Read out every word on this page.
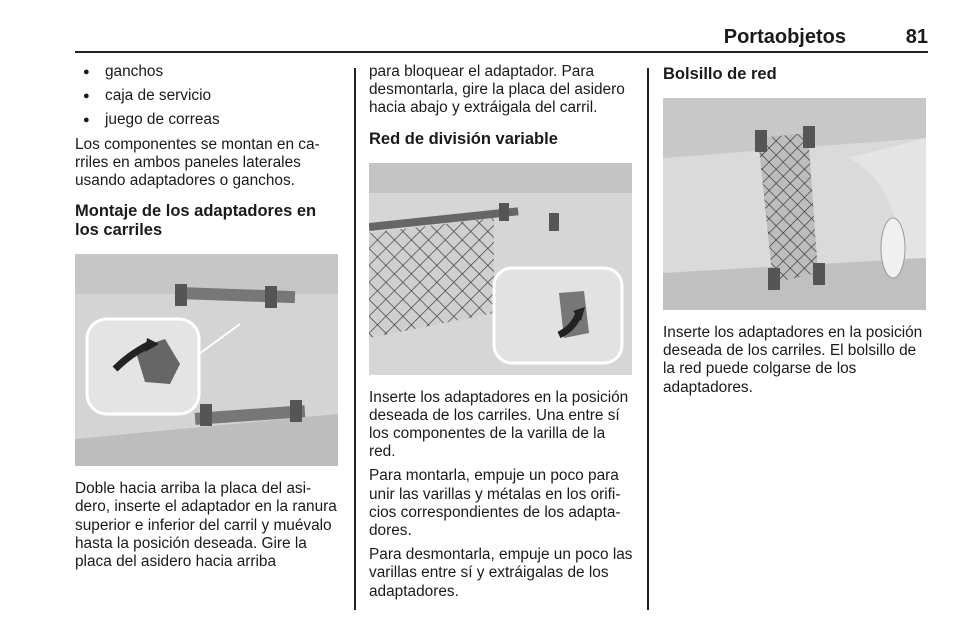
Portaobjetos	81
● ganchos
● caja de servicio
● juego de correas

Los componentes se montan en carriles en ambos paneles laterales usando adaptadores o ganchos.

Montaje de los adaptadores en los carriles

Doble hacia arriba la placa del asidero, inserte el adaptador en la ranura superior e inferior del carril y muévalo hasta la posición deseada. Gire la placa del asidero hacia arriba

para bloquear el adaptador. Para desmontarla, gire la placa del asidero hacia abajo y extráigala del carril.

Red de división variable

Inserte los adaptadores en la posición deseada de los carriles. Una entre sí los componentes de la varilla de la red.

Para montarla, empuje un poco para unir las varillas y métalas en los orificios correspondientes de los adaptadores.

Para desmontarla, empuje un poco las varillas entre sí y extráigalas de los adaptadores.

Bolsillo de red

Inserte los adaptadores en la posición deseada de los carriles. El bolsillo de la red puede colgarse de los adaptadores.
